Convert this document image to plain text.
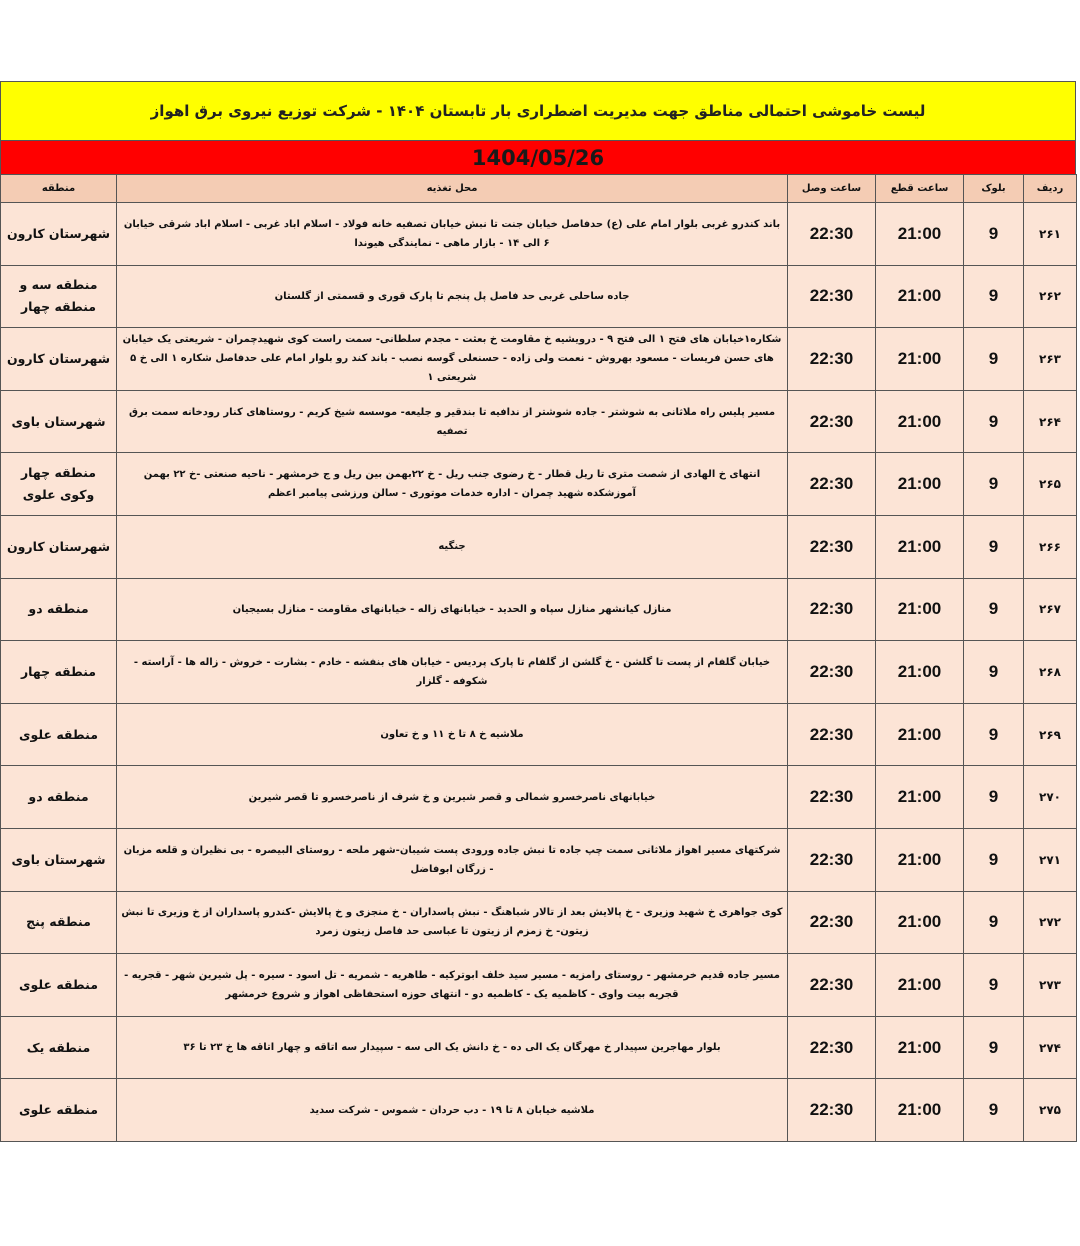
لیست خاموشی احتمالی مناطق جهت مدیریت اضطراری بار تابستان ۱۴۰۴ - شرکت توزیع نیروی برق اهواز
1404/05/26
ردیف	بلوک	ساعت قطع	ساعت وصل	محل تغذیه	منطقه
۲۶۱	9	21:00	22:30	باند کندرو غربی بلوار امام علی (ع) حدفاصل خیابان جنت تا نبش خیابان تصفیه خانه فولاد - اسلام اباد غربی - اسلام اباد شرقی خیابان ۶ الی ۱۴ - بازار ماهی - نمایندگی هیوندا	شهرستان کارون
۲۶۲	9	21:00	22:30	جاده ساحلی غربی حد فاصل پل پنجم تا پارک قوری و قسمتی از گلستان	منطقه سه و منطقه چهار
۲۶۳	9	21:00	22:30	شکاره۱خیابان های فتح ۱ الی فتح ۹ - درویشیه خ مقاومت خ بعثت - مجدم سلطانی- سمت راست کوی شهیدچمران - شریعتی یک خیابان های حسن فریسات - مسعود بهروش - نعمت ولی زاده - حسنعلی گوسه نصب - باند کند رو بلوار امام علی حدفاصل شکاره ۱ الی خ ۵ شریعتی ۱	شهرستان کارون
۲۶۴	9	21:00	22:30	مسیر پلیس راه ملاثانی به شوشتر - جاده شوشتر از ندافیه تا بندقیر و جلیعه- موسسه شیخ کریم - روستاهای کنار رودخانه سمت برق تصفیه	شهرستان باوی
۲۶۵	9	21:00	22:30	انتهای خ الهادی از شصت متری تا ریل قطار - خ رضوی جنب ریل - خ ۲۲بهمن بین ریل و ج خرمشهر - ناحیه صنعتی -خ ۲۲ بهمن آموزشکده شهید چمران - اداره خدمات موتوری - سالن ورزشی پیامبر اعظم	منطقه چهار وکوی علوی
۲۶۶	9	21:00	22:30	جنگیه	شهرستان کارون
۲۶۷	9	21:00	22:30	منازل کیانشهر منازل سپاه و الحدید - خیابانهای زاله - خیابانهای مقاومت - منازل بسیجیان	منطقه دو
۲۶۸	9	21:00	22:30	خیابان گلفام از پست تا گلشن - خ گلشن از گلفام تا پارک پردیس - خیابان های بنفشه - خادم - بشارت - خروش - زاله ها - آراسته - شکوفه - گلزار	منطقه چهار
۲۶۹	9	21:00	22:30	ملاشیه خ ۸ تا خ ۱۱ و خ تعاون	منطقه علوی
۲۷۰	9	21:00	22:30	خیابانهای ناصرخسرو شمالی و قصر شیرین و خ شرف از ناصرخسرو تا قصر شیرین	منطقه دو
۲۷۱	9	21:00	22:30	شرکتهای مسیر اهواز ملاثانی سمت چپ جاده تا نبش جاده ورودی پست شیبان-شهر ملحه - روستای البیصره - بی نظیران و قلعه مزبان - زرگان ابوفاضل	شهرستان باوی
۲۷۲	9	21:00	22:30	کوی جواهری خ شهید وزیری - خ پالایش بعد از تالار شباهنگ - نبش پاسداران - خ منجزی و خ پالایش -کندرو پاسداران از خ وزیری تا نبش زیتون- خ زمزم از زیتون تا عباسی حد فاصل زیتون زمرد	منطقه پنج
۲۷۳	9	21:00	22:30	مسیر جاده قدیم خرمشهر - روستای رامزیه - مسیر سید خلف ابوترکیه - طاهریه - شمریه - تل اسود - سیره - پل شیرین شهر - قجریه - قجریه بیت واوی - کاظمیه یک - کاظمیه دو - انتهای حوزه استحفاظی اهواز و شروع خرمشهر	منطقه علوی
۲۷۴	9	21:00	22:30	بلوار مهاجرین سپیدار خ مهرگان یک الی ده - خ دانش یک الی سه - سپیدار سه اتاقه و چهار اتاقه ها خ ۲۳ تا ۳۶	منطقه یک
۲۷۵	9	21:00	22:30	ملاشیه خیابان ۸ تا ۱۹ - دب حردان - شموس - شرکت سدید	منطقه علوی
